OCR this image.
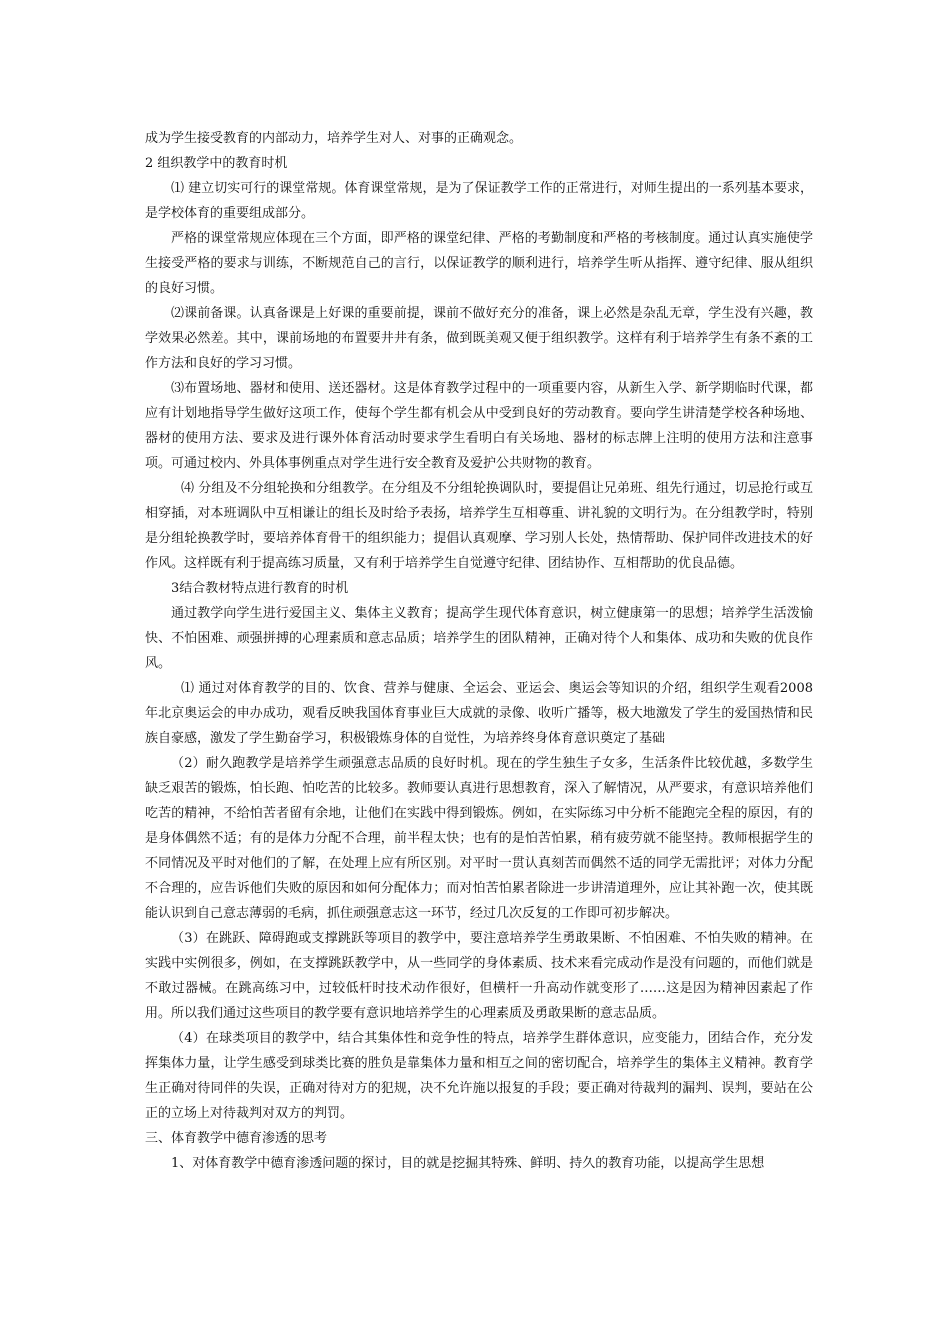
成为学生接受教育的内部动力，培养学生对人、对事的正确观念。

2 组织教学中的教育时机

⑴ 建立切实可行的课堂常规。体育课堂常规，是为了保证教学工作的正常进行，对师生提出的一系列基本要求，是学校体育的重要组成部分。

严格的课堂常规应体现在三个方面，即严格的课堂纪律、严格的考勤制度和严格的考核制度。通过认真实施使学生接受严格的要求与训练，不断规范自己的言行，以保证教学的顺利进行，培养学生听从指挥、遵守纪律、服从组织的良好习惯。

⑵课前备课。认真备课是上好课的重要前提，课前不做好充分的准备，课上必然是杂乱无章，学生没有兴趣，教学效果必然差。其中，课前场地的布置要井井有条，做到既美观又便于组织教学。这样有利于培养学生有条不紊的工作方法和良好的学习习惯。

⑶布置场地、器材和使用、送还器材。这是体育教学过程中的一项重要内容，从新生入学、新学期临时代课，都应有计划地指导学生做好这项工作，使每个学生都有机会从中受到良好的劳动教育。要向学生讲清楚学校各种场地、器材的使用方法、要求及进行课外体育活动时要求学生看明白有关场地、器材的标志牌上注明的使用方法和注意事项。可通过校内、外具体事例重点对学生进行安全教育及爱护公共财物的教育。

⑷ 分组及不分组轮换和分组教学。在分组及不分组轮换调队时，要提倡让兄弟班、组先行通过，切忌抢行或互相穿插，对本班调队中互相谦让的组长及时给予表扬，培养学生互相尊重、讲礼貌的文明行为。在分组教学时，特别是分组轮换教学时，要培养体育骨干的组织能力；提倡认真观摩、学习别人长处，热情帮助、保护同伴改进技术的好作风。这样既有利于提高练习质量，又有利于培养学生自觉遵守纪律、团结协作、互相帮助的优良品德。

3结合教材特点进行教育的时机

通过教学向学生进行爱国主义、集体主义教育；提高学生现代体育意识，树立健康第一的思想；培养学生活泼愉快、不怕困难、顽强拼搏的心理素质和意志品质；培养学生的团队精神，正确对待个人和集体、成功和失败的优良作风。

⑴ 通过对体育教学的目的、饮食、营养与健康、全运会、亚运会、奥运会等知识的介绍，组织学生观看2008 年北京奥运会的申办成功，观看反映我国体育事业巨大成就的录像、收听广播等，极大地激发了学生的爱国热情和民族自豪感，激发了学生勤奋学习，积极锻炼身体的自觉性，为培养终身体育意识奠定了基础

（2）耐久跑教学是培养学生顽强意志品质的良好时机。现在的学生独生子女多，生活条件比较优越，多数学生缺乏艰苦的锻炼，怕长跑、怕吃苦的比较多。教师要认真进行思想教育，深入了解情况，从严要求，有意识培养他们吃苦的精神，不给怕苦者留有余地，让他们在实践中得到锻炼。例如，在实际练习中分析不能跑完全程的原因，有的是身体偶然不适；有的是体力分配不合理，前半程太快；也有的是怕苦怕累，稍有疲劳就不能坚持。教师根据学生的不同情况及平时对他们的了解，在处理上应有所区别。对平时一贯认真刻苦而偶然不适的同学无需批评；对体力分配不合理的，应告诉他们失败的原因和如何分配体力；而对怕苦怕累者除进一步讲清道理外，应让其补跑一次，使其既能认识到自己意志薄弱的毛病，抓住顽强意志这一环节，经过几次反复的工作即可初步解决。

（3）在跳跃、障碍跑或支撑跳跃等项目的教学中，要注意培养学生勇敢果断、不怕困难、不怕失败的精神。在实践中实例很多，例如，在支撑跳跃教学中，从一些同学的身体素质、技术来看完成动作是没有问题的，而他们就是不敢过器械。在跳高练习中，过较低杆时技术动作很好，但横杆一升高动作就变形了……这是因为精神因素起了作用。所以我们通过这些项目的教学要有意识地培养学生的心理素质及勇敢果断的意志品质。

（4）在球类项目的教学中，结合其集体性和竞争性的特点，培养学生群体意识，应变能力，团结合作，充分发挥集体力量，让学生感受到球类比赛的胜负是靠集体力量和相互之间的密切配合，培养学生的集体主义精神。教育学生正确对待同伴的失误，正确对待对方的犯规，决不允许施以报复的手段；要正确对待裁判的漏判、误判，要站在公正的立场上对待裁判对双方的判罚。

三、体育教学中德育渗透的思考

1、对体育教学中德育渗透问题的探讨，目的就是挖掘其特殊、鲜明、持久的教育功能，以提高学生思想
